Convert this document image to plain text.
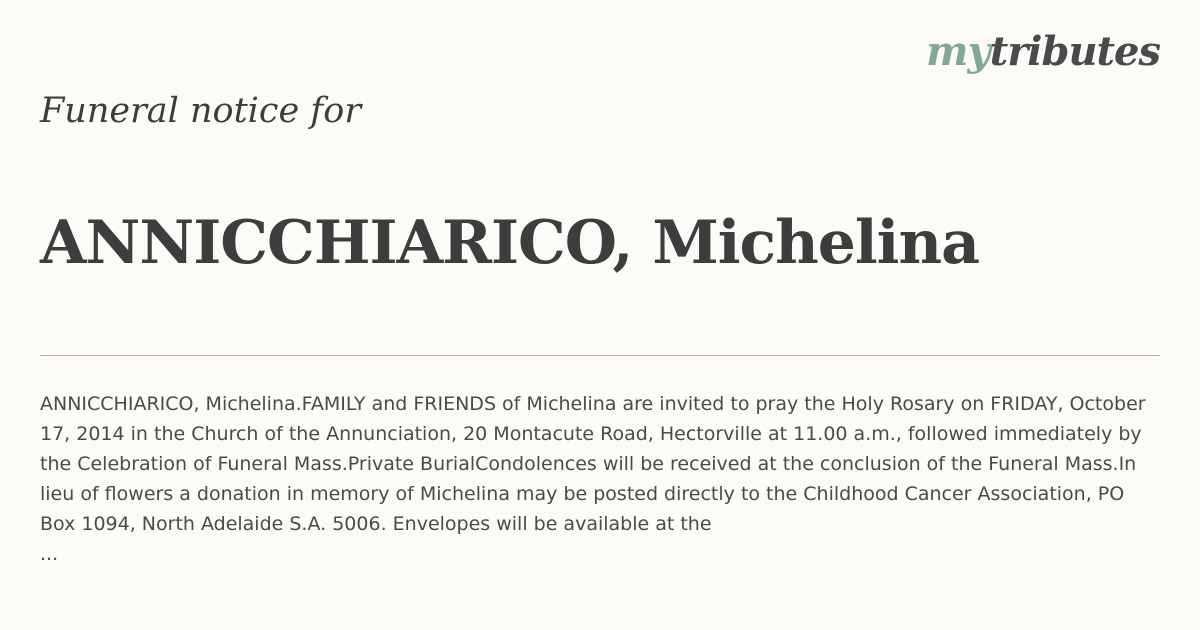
mytributes
Funeral notice for
ANNICCHIARICO, Michelina

ANNICCHIARICO, Michelina.FAMILY and FRIENDS of Michelina are invited to pray the Holy Rosary on FRIDAY, October 17, 2014 in the Church of the Annunciation, 20 Montacute Road, Hectorville at 11.00 a.m., followed immediately by the Celebration of Funeral Mass.Private BurialCondolences will be received at the conclusion of the Funeral Mass.In lieu of flowers a donation in memory of Michelina may be posted directly to the Childhood Cancer Association, PO Box 1094, North Adelaide S.A. 5006. Envelopes will be available at the

...
